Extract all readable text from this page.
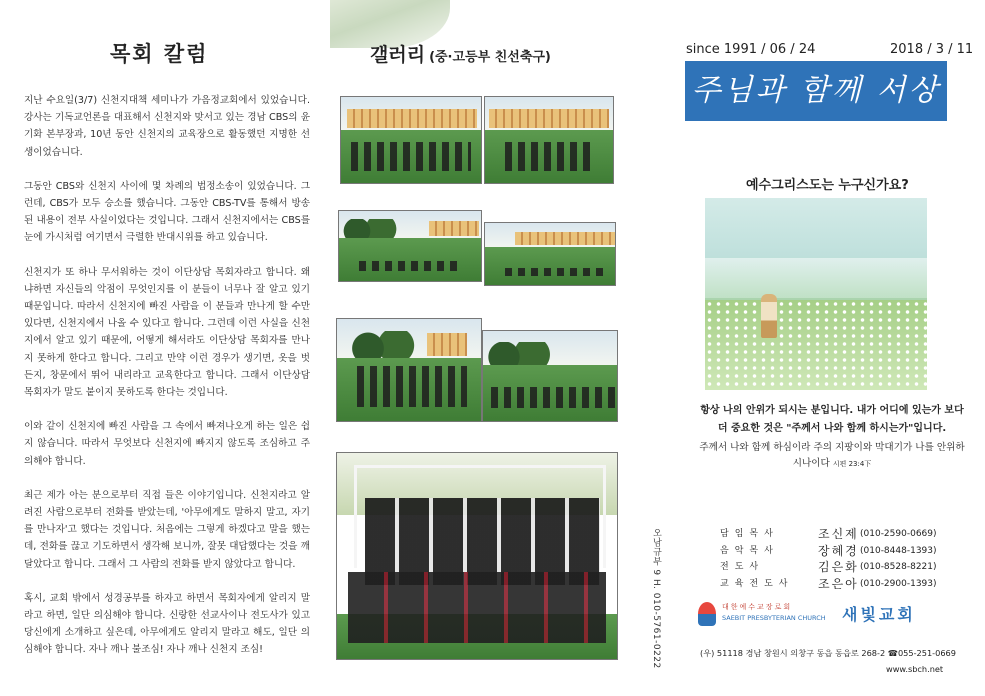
목회 칼럼

지난 수요일(3/7) 신천지대책 세미나가 가음정교회에서 있었습니다. 강사는 기독교언론을 대표해서 신천지와 맞서고 있는 경남 CBS의 윤기화 본부장과, 10년 동안 신천지의 교육장으로 활동했던 지명한 선생이었습니다.

그동안 CBS와 신천지 사이에 몇 차례의 법정소송이 있었습니다. 그런데, CBS가 모두 승소를 했습니다. 그동안 CBS-TV를 통해서 방송된 내용이 전부 사실이었다는 것입니다. 그래서 신천지에서는 CBS를 눈에 가시처럼 여기면서 극렬한 반대시위를 하고 있습니다.

신천지가 또 하나 무서워하는 것이 이단상담 목회자라고 합니다. 왜냐하면 자신들의 악점이 무엇인지를 이 분들이 너무나 잘 알고 있기 때문입니다. 따라서 신천지에 빠진 사람을 이 분들과 만나게 할 수만 있다면, 신천지에서 나올 수 있다고 합니다. 그런데 이런 사실을 신천지에서 알고 있기 때문에, 어떻게 해서라도 이단상담 목회자를 만나지 못하게 한다고 합니다. 그리고 만약 이런 경우가 생기면, 옷을 벗든지, 창문에서 뛰어 내리라고 교육한다고 합니다. 그래서 이단상담 목회자가 말도 붙이지 못하도록 한다는 것입니다.

이와 같이 신천지에 빠진 사람을 그 속에서 빠져나오게 하는 일은 쉽지 않습니다. 따라서 무엇보다 신천지에 빠지지 않도록 조심하고 주의해야 합니다.

최근 제가 아는 분으로부터 직접 들은 이야기입니다. 신천지라고 알려진 사람으로부터 전화를 받았는데, '아무에게도 말하지 말고, 자기를 만나자'고 했다는 것입니다. 처음에는 그렇게 하겠다고 말을 했는데, 전화를 끊고 기도하면서 생각해 보니까, 잘못 대답했다는 것을 깨달았다고 합니다. 그래서 그 사람의 전화를 받지 않았다고 합니다.

혹시, 교회 밖에서 성경공부를 하자고 하면서 목회자에게 알리지 말라고 하면, 일단 의심해야 합니다. 신랑한 선교사이나 전도사가 있고 당신에게 소개하고 싶은데, 아무에게도 알리지 말라고 해도, 일단 의심해야 합니다. 자나 깨나 불조심! 자나 깨나 신천지 조심!

갤러리 (중·고등부 친선축구)
오남규부 9 H. 010-5761-0222
since 1991 / 06 / 24	2018 / 3 / 11
주님과 함께 서상 속으로
예수그리스도는 누구신가요?
항상 나의 안위가 되시는 분입니다. 내가 어디에 있는가 보다 더 중요한 것은 "주께서 나와 함께 하시는가"입니다.
주께서 나와 함께 하심이라 주의 지팡이와 막대기가 나를 안위하시나이다 시편 23:4下
담임목사	조신제 (010-2590-0669)
음악목사	장혜경 (010-8448-1393)
전도사	김은화 (010-8528-8221)
교육전도사	조은아 (010-2900-1393)
대한예수교장로회
SAEBIT PRESBYTERIAN CHURCH 새빛교회
(우) 51118 경남 창원시 의창구 동읍 동읍로 268-2 ☎055-251-0669
www.sbch.net
